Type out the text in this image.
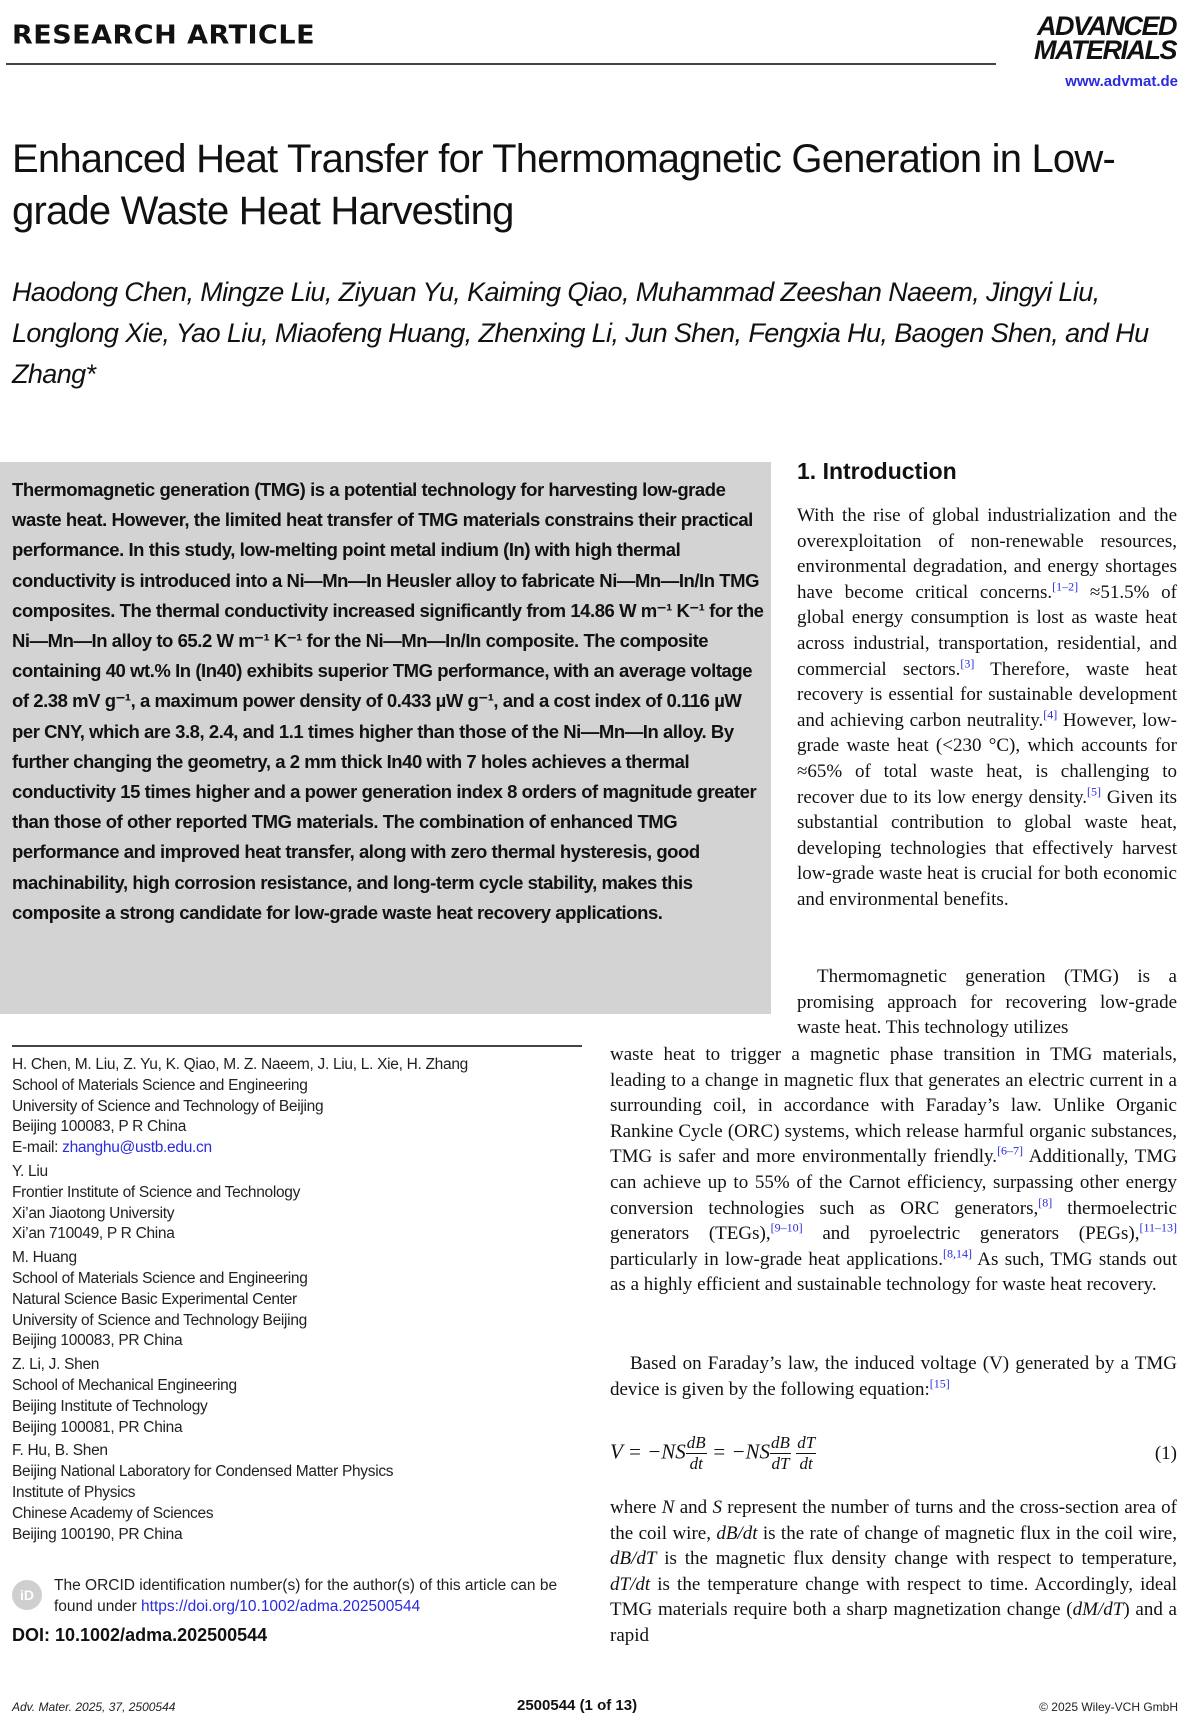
RESEARCH ARTICLE	ADVANCED
MATERIALS
www.advmat.de
Enhanced Heat Transfer for Thermomagnetic Generation in Low-grade Waste Heat Harvesting
Haodong Chen, Mingze Liu, Ziyuan Yu, Kaiming Qiao, Muhammad Zeeshan Naeem, Jingyi Liu, Longlong Xie, Yao Liu, Miaofeng Huang, Zhenxing Li, Jun Shen, Fengxia Hu, Baogen Shen, and Hu Zhang*
Thermomagnetic generation (TMG) is a potential technology for harvesting low-grade waste heat. However, the limited heat transfer of TMG materials constrains their practical performance. In this study, low-melting point metal indium (In) with high thermal conductivity is introduced into a Ni—Mn—In Heusler alloy to fabricate Ni—Mn—In/In TMG composites. The thermal conductivity increased significantly from 14.86 W m⁻¹ K⁻¹ for the Ni—Mn—In alloy to 65.2 W m⁻¹ K⁻¹ for the Ni—Mn—In/In composite. The composite containing 40 wt.% In (In40) exhibits superior TMG performance, with an average voltage of 2.38 mV g⁻¹, a maximum power density of 0.433 µW g⁻¹, and a cost index of 0.116 µW per CNY, which are 3.8, 2.4, and 1.1 times higher than those of the Ni—Mn—In alloy. By further changing the geometry, a 2 mm thick In40 with 7 holes achieves a thermal conductivity 15 times higher and a power generation index 8 orders of magnitude greater than those of other reported TMG materials. The combination of enhanced TMG performance and improved heat transfer, along with zero thermal hysteresis, good machinability, high corrosion resistance, and long-term cycle stability, makes this composite a strong candidate for low-grade waste heat recovery applications.
1. Introduction
With the rise of global industrialization and the overexploitation of non-renewable resources, environmental degradation, and energy shortages have become critical concerns.[1–2] ≈51.5% of global energy consumption is lost as waste heat across industrial, transportation, residential, and commercial sectors.[3] Therefore, waste heat recovery is essential for sustainable development and achieving carbon neutrality.[4] However, low-grade waste heat (<230 °C), which accounts for ≈65% of total waste heat, is challenging to recover due to its low energy density.[5] Given its substantial contribution to global waste heat, developing technologies that effectively harvest low-grade waste heat is crucial for both economic and environmental benefits.
Thermomagnetic generation (TMG) is a promising approach for recovering low-grade waste heat. This technology utilizes
waste heat to trigger a magnetic phase transition in TMG materials, leading to a change in magnetic flux that generates an electric current in a surrounding coil, in accordance with Faraday’s law. Unlike Organic Rankine Cycle (ORC) systems, which release harmful organic substances, TMG is safer and more environmentally friendly.[6–7] Additionally, TMG can achieve up to 55% of the Carnot efficiency, surpassing other energy conversion technologies such as ORC generators,[8] thermoelectric generators (TEGs),[9–10] and pyroelectric generators (PEGs),[11–13] particularly in low-grade heat applications.[8,14] As such, TMG stands out as a highly efficient and sustainable technology for waste heat recovery.
Based on Faraday’s law, the induced voltage (V) generated by a TMG device is given by the following equation:[15]
$V = -NS \frac{dB}{dt} = -NS \frac{dB}{dT}$
$\frac{dT}{dt}$	(1)
where N and S represent the number of turns and the cross-section area of the coil wire, dB/dt is the rate of change of magnetic flux in the coil wire, dB/dT is the magnetic flux density change with respect to temperature, dT/dt is the temperature change with respect to time. Accordingly, ideal TMG materials require both a sharp magnetization change (dM/dT) and a rapid
H. Chen, M. Liu, Z. Yu, K. Qiao, M. Z. Naeem, J. Liu, L. Xie, H. Zhang
School of Materials Science and Engineering
University of Science and Technology of Beijing
Beijing 100083, P R China
E-mail: zhanghu@ustb.edu.cn
Y. Liu
Frontier Institute of Science and Technology
Xi’an Jiaotong University
Xi’an 710049, P R China
M. Huang
School of Materials Science and Engineering
Natural Science Basic Experimental Center
University of Science and Technology Beijing
Beijing 100083, PR China
Z. Li, J. Shen
School of Mechanical Engineering
Beijing Institute of Technology
Beijing 100081, PR China
F. Hu, B. Shen
Beijing National Laboratory for Condensed Matter Physics
Institute of Physics
Chinese Academy of Sciences
Beijing 100190, PR China
iD
The ORCID identification number(s) for the author(s) of this article can be found under https://doi.org/10.1002/adma.202500544
DOI: 10.1002/adma.202500544
Adv. Mater. 2025, 37, 2500544	2500544 (1 of 13)	© 2025 Wiley-VCH GmbH
